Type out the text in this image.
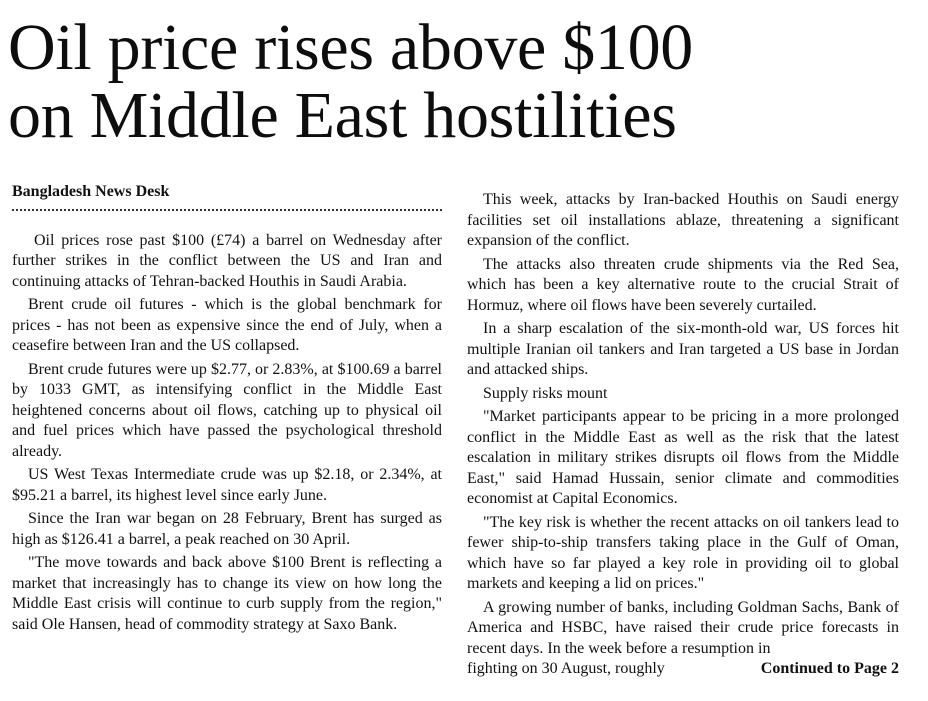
Oil price rises above $100
on Middle East hostilities
Bangladesh News Desk

Oil prices rose past $100 (£74) a barrel on Wednesday after further strikes in the conflict between the US and Iran and continuing attacks of Tehran-backed Houthis in Saudi Arabia.

Brent crude oil futures - which is the global benchmark for prices - has not been as expensive since the end of July, when a ceasefire between Iran and the US collapsed.

Brent crude futures were up $2.77, or 2.83%, at $100.69 a barrel by 1033 GMT, as intensifying conflict in the Middle East heightened concerns about oil flows, catching up to physical oil and fuel prices which have passed the psychological threshold already.

US West Texas Intermediate crude was up $2.18, or 2.34%, at $95.21 a barrel, its highest level since early June.

Since the Iran war began on 28 February, Brent has surged as high as $126.41 a barrel, a peak reached on 30 April.

"The move towards and back above $100 Brent is reflecting a market that increasingly has to change its view on how long the Middle East crisis will continue to curb supply from the region," said Ole Hansen, head of commodity strategy at Saxo Bank.

This week, attacks by Iran-backed Houthis on Saudi energy facilities set oil installations ablaze, threatening a significant expansion of the conflict.

The attacks also threaten crude shipments via the Red Sea, which has been a key alternative route to the crucial Strait of Hormuz, where oil flows have been severely curtailed.

In a sharp escalation of the six-month-old war, US forces hit multiple Iranian oil tankers and Iran targeted a US base in Jordan and attacked ships.

Supply risks mount

"Market participants appear to be pricing in a more prolonged conflict in the Middle East as well as the risk that the latest escalation in military strikes disrupts oil flows from the Middle East," said Hamad Hussain, senior climate and commodities economist at Capital Economics.

"The key risk is whether the recent attacks on oil tankers lead to fewer ship-to-ship transfers taking place in the Gulf of Oman, which have so far played a key role in providing oil to global markets and keeping a lid on prices."

A growing number of banks, including Goldman Sachs, Bank of America and HSBC, have raised their crude price forecasts in recent days. In the week before a resumption in

fighting on 30 August, roughly	Continued to Page 2
